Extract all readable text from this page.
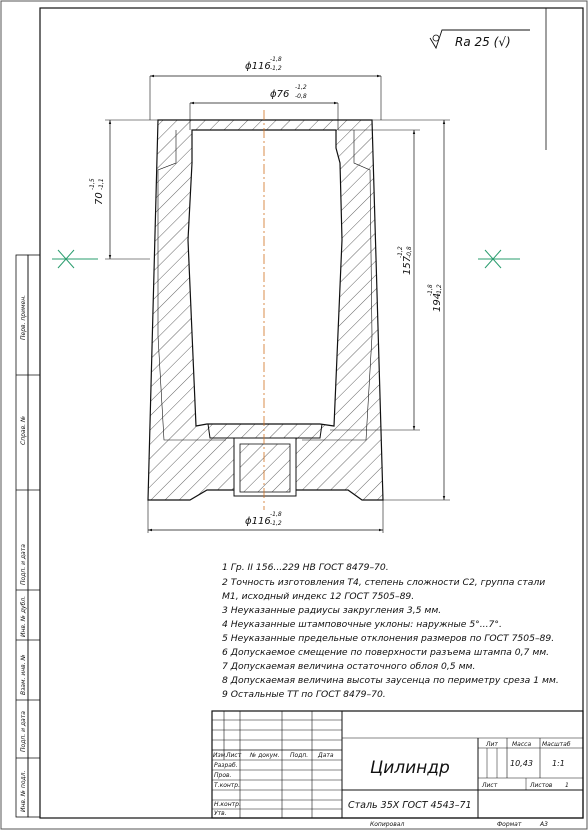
Ra 25 (√)
Перв. примен.
Справ. №
Подп. и дата
Инв. № дубл.
Взам. инв. №
Подп. и дата
Инв. № подл.
ϕ116
-1,8
-1,2
ϕ76
-1,2
-0,8
70
-1,5 -1,1
157
-1,2 -0,8
194
-1,8 -1,2
ϕ116
-1,8
-1,2
1 Гр. II 156...229 НВ ГОСТ 8479–70.
2 Точность изготовления Т4, степень сложности С2, группа стали
М1, исходный индекс 12 ГОСТ 7505–89.
3 Неуказанные радиусы закругления 3,5 мм.
4 Неуказанные штамповочные уклоны: наружные 5°...7°.
5 Неуказанные предельные отклонения размеров по ГОСТ 7505–89.
6 Допускаемое смещение по поверхности разъема штампа 0,7 мм.
7 Допускаемая величина остаточного облоя 0,5 мм.
8 Допускаемая величина высоты заусенца по периметру среза 1 мм.
9 Остальные ТТ по ГОСТ 8479–70.
Изм.
Лист № докум. Подп. Дата
Разраб.
Пров.
Т.контр.
Н.контр.
Утв.
Цилиндр
Сталь 35Х ГОСТ 4543–71
Лит Масса Масштаб
10,43 1:1
Лист	Листов 1
Копировал	Формат	А3
